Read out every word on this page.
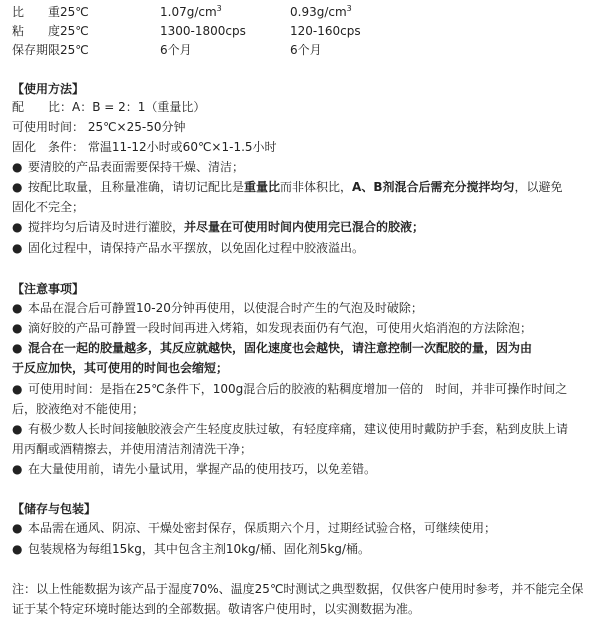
比　　重25℃	$1.07g/cm^3$	$0.93g/cm^3$
粘　　度25℃	1300-1800cps	120-160cps
保存期限25℃	6个月	6个月
【使用方法】
配　　比：A：B = 2：1（重量比）
可使用时间： 25℃×25-50分钟
固化　条件： 常温11-12小时或60℃×1-1.5小时
● 要清胶的产品表面需要保持干燥、清洁；
● 按配比取量，且称量准确，请切记配比是重量比而非体积比，A、B剂混合后需充分搅拌均匀，以避免
固化不完全；
● 搅拌均匀后请及时进行灌胶，并尽量在可使用时间内使用完已混合的胶液；
● 固化过程中，请保持产品水平摆放，以免固化过程中胶液溢出。
【注意事项】
● 本品在混合后可静置10-20分钟再使用，以使混合时产生的气泡及时破除；
● 滴好胶的产品可静置一段时间再进入烤箱，如发现表面仍有气泡，可使用火焰消泡的方法除泡；
● 混合在一起的胶量越多，其反应就越快，固化速度也会越快，请注意控制一次配胶的量，因为由
于反应加快，其可使用的时间也会缩短；
● 可使用时间：是指在25℃条件下，100g混合后的胶液的粘稠度增加一倍的　时间，并非可操作时间之
后，胶液绝对不能使用；
● 有极少数人长时间接触胶液会产生轻度皮肤过敏，有轻度痒痛，建议使用时戴防护手套，粘到皮肤上请
用丙酮或酒精擦去，并使用清洁剂清洗干净；
● 在大量使用前，请先小量试用，掌握产品的使用技巧，以免差错。
【储存与包装】
● 本品需在通风、阴凉、干燥处密封保存，保质期六个月，过期经试验合格，可继续使用；
● 包装规格为每组15kg，其中包含主剂10kg/桶、固化剂5kg/桶。
注：以上性能数据为该产品于湿度70%、温度25℃时测试之典型数据，仅供客户使用时参考，并不能完全保
证于某个特定环境时能达到的全部数据。敬请客户使用时，以实测数据为准。
